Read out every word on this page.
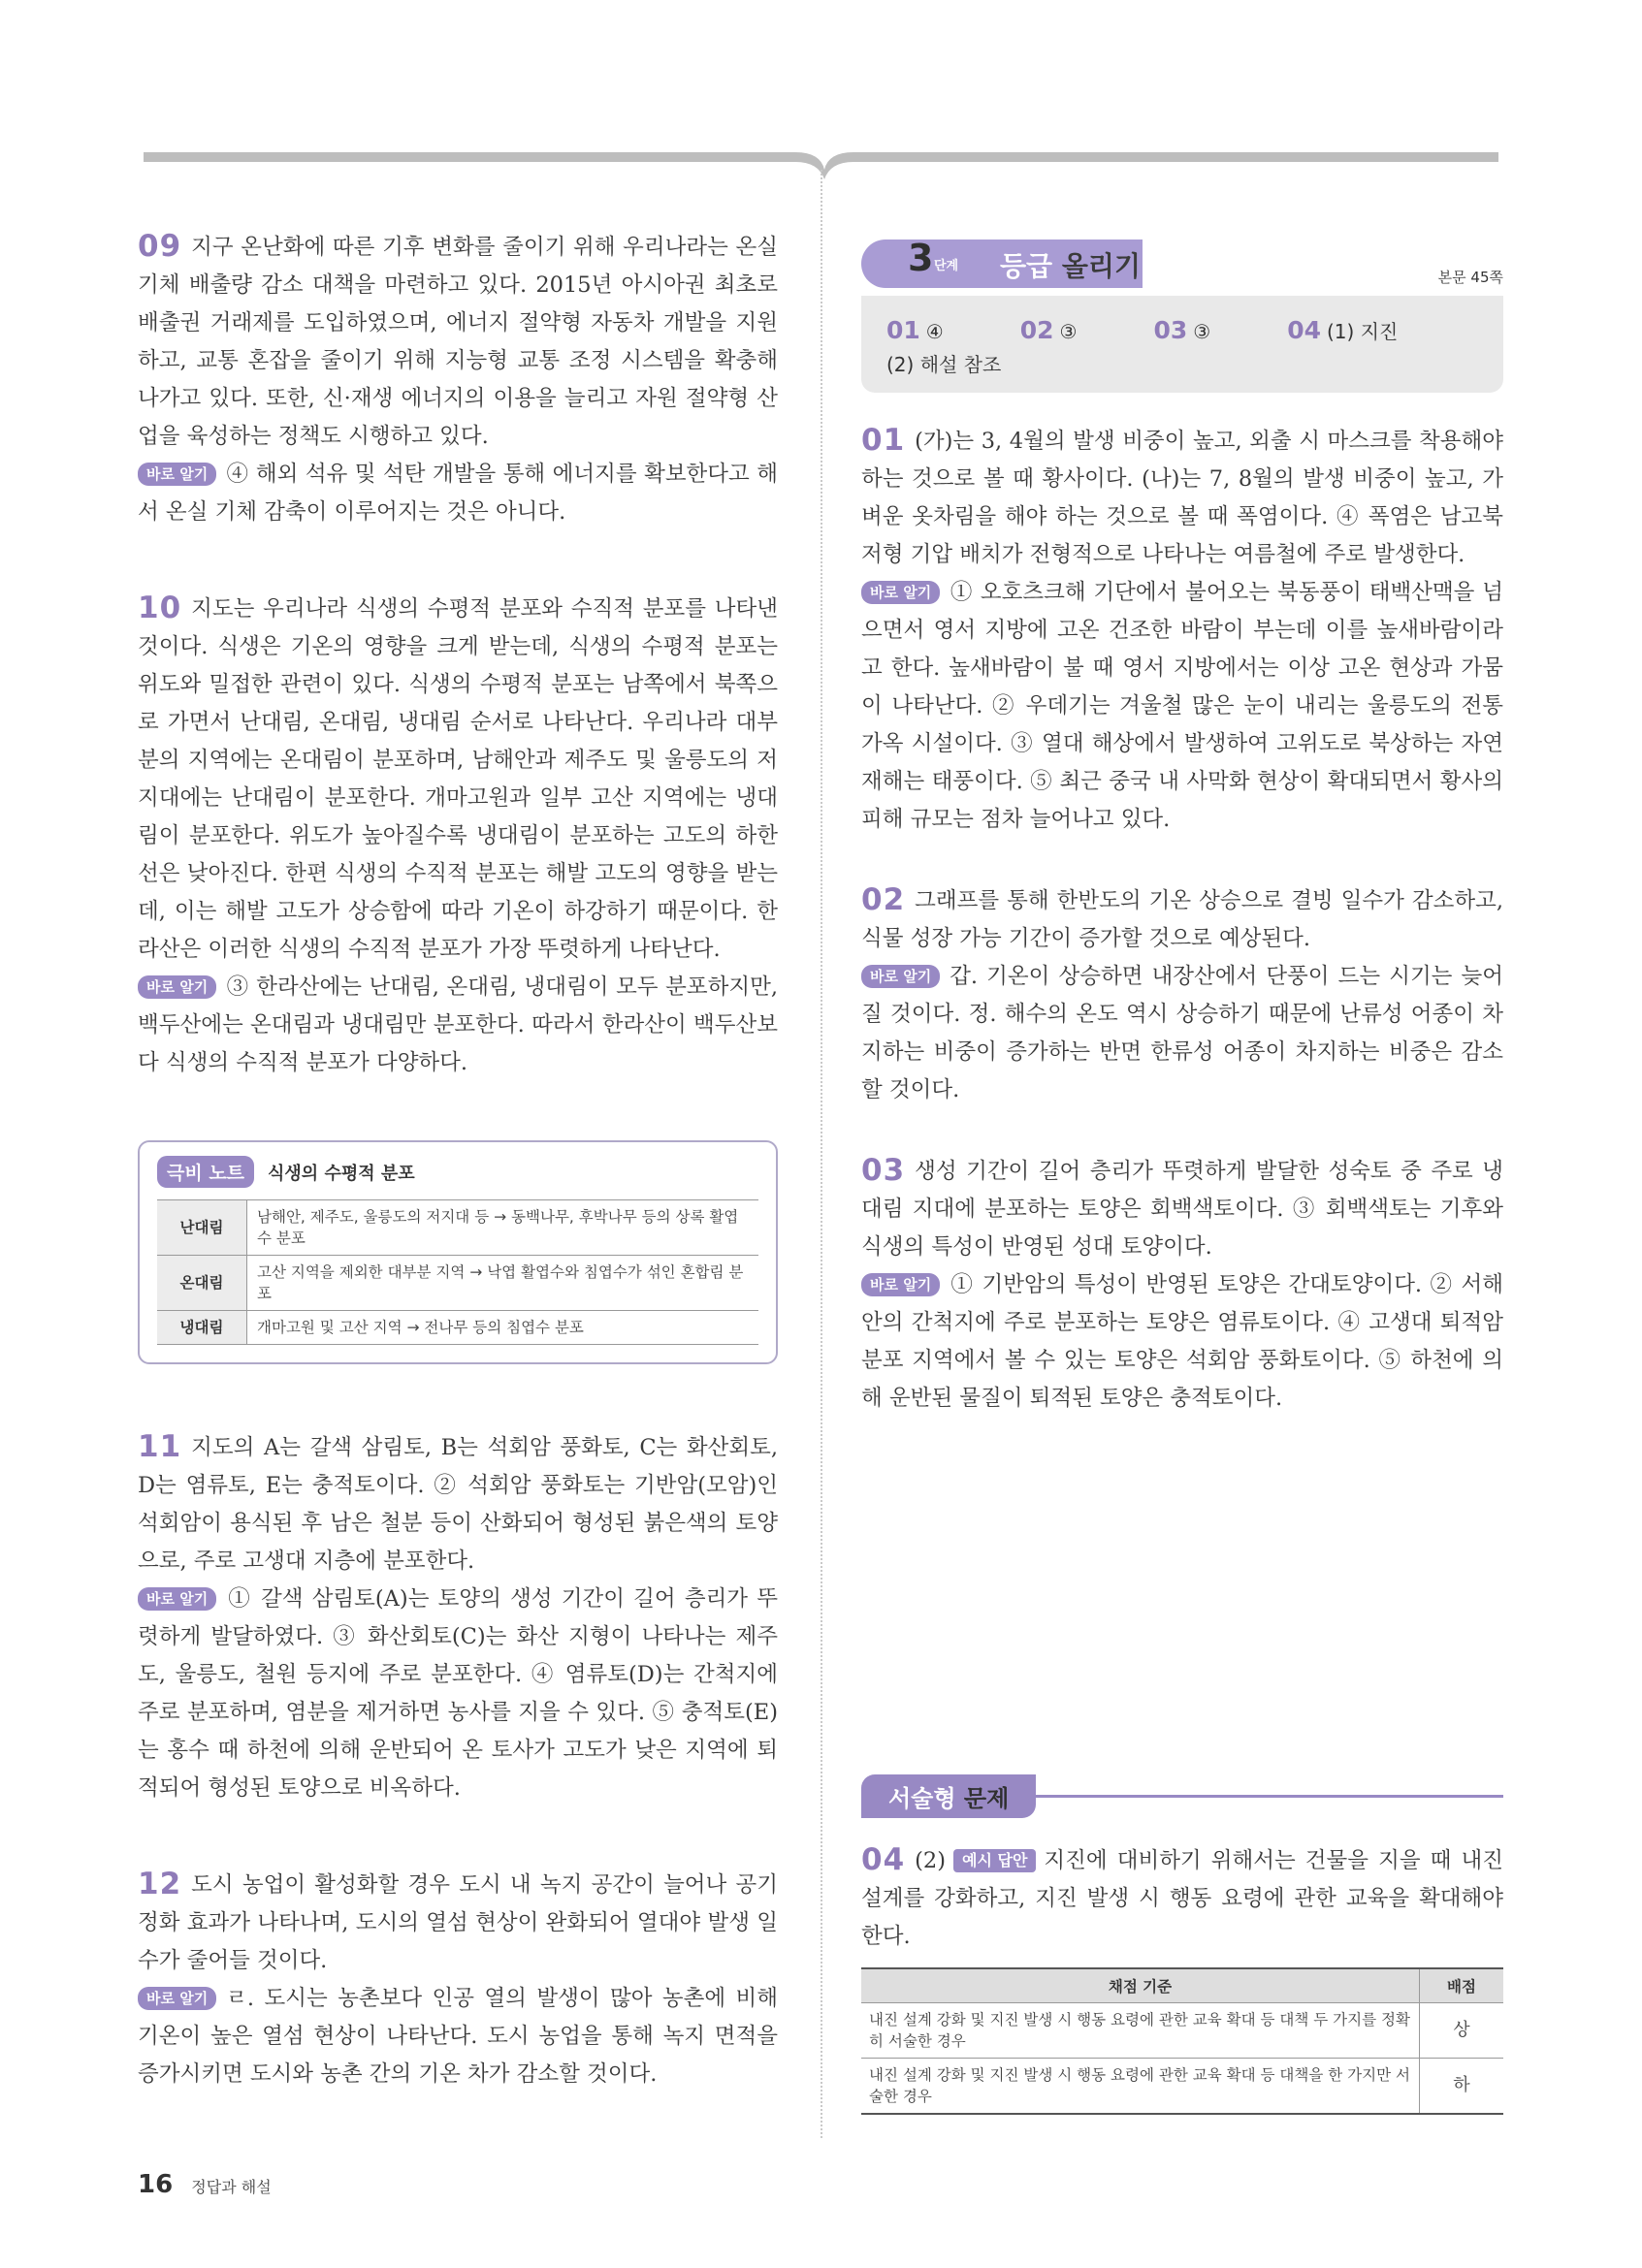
09 지구 온난화에 따른 기후 변화를 줄이기 위해 우리나라는 온실 기체 배출량 감소 대책을 마련하고 있다. 2015년 아시아권 최초로 배출권 거래제를 도입하였으며, 에너지 절약형 자동차 개발을 지원하고, 교통 혼잡을 줄이기 위해 지능형 교통 조정 시스템을 확충해 나가고 있다. 또한, 신·재생 에너지의 이용을 늘리고 자원 절약형 산업을 육성하는 정책도 시행하고 있다.
바로 알기 ④ 해외 석유 및 석탄 개발을 통해 에너지를 확보한다고 해서 온실 기체 감축이 이루어지는 것은 아니다.

10 지도는 우리나라 식생의 수평적 분포와 수직적 분포를 나타낸 것이다. 식생은 기온의 영향을 크게 받는데, 식생의 수평적 분포는 위도와 밀접한 관련이 있다. 식생의 수평적 분포는 남쪽에서 북쪽으로 가면서 난대림, 온대림, 냉대림 순서로 나타난다. 우리나라 대부분의 지역에는 온대림이 분포하며, 남해안과 제주도 및 울릉도의 저지대에는 난대림이 분포한다. 개마고원과 일부 고산 지역에는 냉대림이 분포한다. 위도가 높아질수록 냉대림이 분포하는 고도의 하한선은 낮아진다. 한편 식생의 수직적 분포는 해발 고도의 영향을 받는데, 이는 해발 고도가 상승함에 따라 기온이 하강하기 때문이다. 한라산은 이러한 식생의 수직적 분포가 가장 뚜렷하게 나타난다.
바로 알기 ③ 한라산에는 난대림, 온대림, 냉대림이 모두 분포하지만, 백두산에는 온대림과 냉대림만 분포한다. 따라서 한라산이 백두산보다 식생의 수직적 분포가 다양하다.

극비 노트	식생의 수평적 분포
난대림	남해안, 제주도, 울릉도의 저지대 등 → 동백나무, 후박나무 등의 상록 활엽수 분포
온대림	고산 지역을 제외한 대부분 지역 → 낙엽 활엽수와 침엽수가 섞인 혼합림 분포
냉대림	개마고원 및 고산 지역 → 전나무 등의 침엽수 분포

11 지도의 A는 갈색 삼림토, B는 석회암 풍화토, C는 화산회토, D는 염류토, E는 충적토이다. ② 석회암 풍화토는 기반암(모암)인 석회암이 용식된 후 남은 철분 등이 산화되어 형성된 붉은색의 토양으로, 주로 고생대 지층에 분포한다.
바로 알기 ① 갈색 삼림토(A)는 토양의 생성 기간이 길어 층리가 뚜렷하게 발달하였다. ③ 화산회토(C)는 화산 지형이 나타나는 제주도, 울릉도, 철원 등지에 주로 분포한다. ④ 염류토(D)는 간척지에 주로 분포하며, 염분을 제거하면 농사를 지을 수 있다. ⑤ 충적토(E)는 홍수 때 하천에 의해 운반되어 온 토사가 고도가 낮은 지역에 퇴적되어 형성된 토양으로 비옥하다.

12 도시 농업이 활성화할 경우 도시 내 녹지 공간이 늘어나 공기 정화 효과가 나타나며, 도시의 열섬 현상이 완화되어 열대야 발생 일수가 줄어들 것이다.
바로 알기 ㄹ. 도시는 농촌보다 인공 열의 발생이 많아 농촌에 비해 기온이 높은 열섬 현상이 나타난다. 도시 농업을 통해 녹지 면적을 증가시키면 도시와 농촌 간의 기온 차가 감소할 것이다.

3 단계 등급 올리기	본문 45쪽
01 ④	02 ③	03 ③	04 (1) 지진
(2) 해설 참조

01 (가)는 3, 4월의 발생 비중이 높고, 외출 시 마스크를 착용해야 하는 것으로 볼 때 황사이다. (나)는 7, 8월의 발생 비중이 높고, 가벼운 옷차림을 해야 하는 것으로 볼 때 폭염이다. ④ 폭염은 남고북저형 기압 배치가 전형적으로 나타나는 여름철에 주로 발생한다.
바로 알기 ① 오호츠크해 기단에서 불어오는 북동풍이 태백산맥을 넘으면서 영서 지방에 고온 건조한 바람이 부는데 이를 높새바람이라고 한다. 높새바람이 불 때 영서 지방에서는 이상 고온 현상과 가뭄이 나타난다. ② 우데기는 겨울철 많은 눈이 내리는 울릉도의 전통 가옥 시설이다. ③ 열대 해상에서 발생하여 고위도로 북상하는 자연재해는 태풍이다. ⑤ 최근 중국 내 사막화 현상이 확대되면서 황사의 피해 규모는 점차 늘어나고 있다.

02 그래프를 통해 한반도의 기온 상승으로 결빙 일수가 감소하고, 식물 성장 가능 기간이 증가할 것으로 예상된다.
바로 알기 갑. 기온이 상승하면 내장산에서 단풍이 드는 시기는 늦어질 것이다. 정. 해수의 온도 역시 상승하기 때문에 난류성 어종이 차지하는 비중이 증가하는 반면 한류성 어종이 차지하는 비중은 감소할 것이다.

03 생성 기간이 길어 층리가 뚜렷하게 발달한 성숙토 중 주로 냉대림 지대에 분포하는 토양은 회백색토이다. ③ 회백색토는 기후와 식생의 특성이 반영된 성대 토양이다.
바로 알기 ① 기반암의 특성이 반영된 토양은 간대토양이다. ② 서해안의 간척지에 주로 분포하는 토양은 염류토이다. ④ 고생대 퇴적암 분포 지역에서 볼 수 있는 토양은 석회암 풍화토이다. ⑤ 하천에 의해 운반된 물질이 퇴적된 토양은 충적토이다.

서술형 문제

04 (2) 예시 답안 지진에 대비하기 위해서는 건물을 지을 때 내진 설계를 강화하고, 지진 발생 시 행동 요령에 관한 교육을 확대해야 한다.

채점 기준	배점
내진 설계 강화 및 지진 발생 시 행동 요령에 관한 교육 확대 등 대책 두 가지를 정확히 서술한 경우	상
내진 설계 강화 및 지진 발생 시 행동 요령에 관한 교육 확대 등 대책을 한 가지만 서술한 경우	하
16 정답과 해설
